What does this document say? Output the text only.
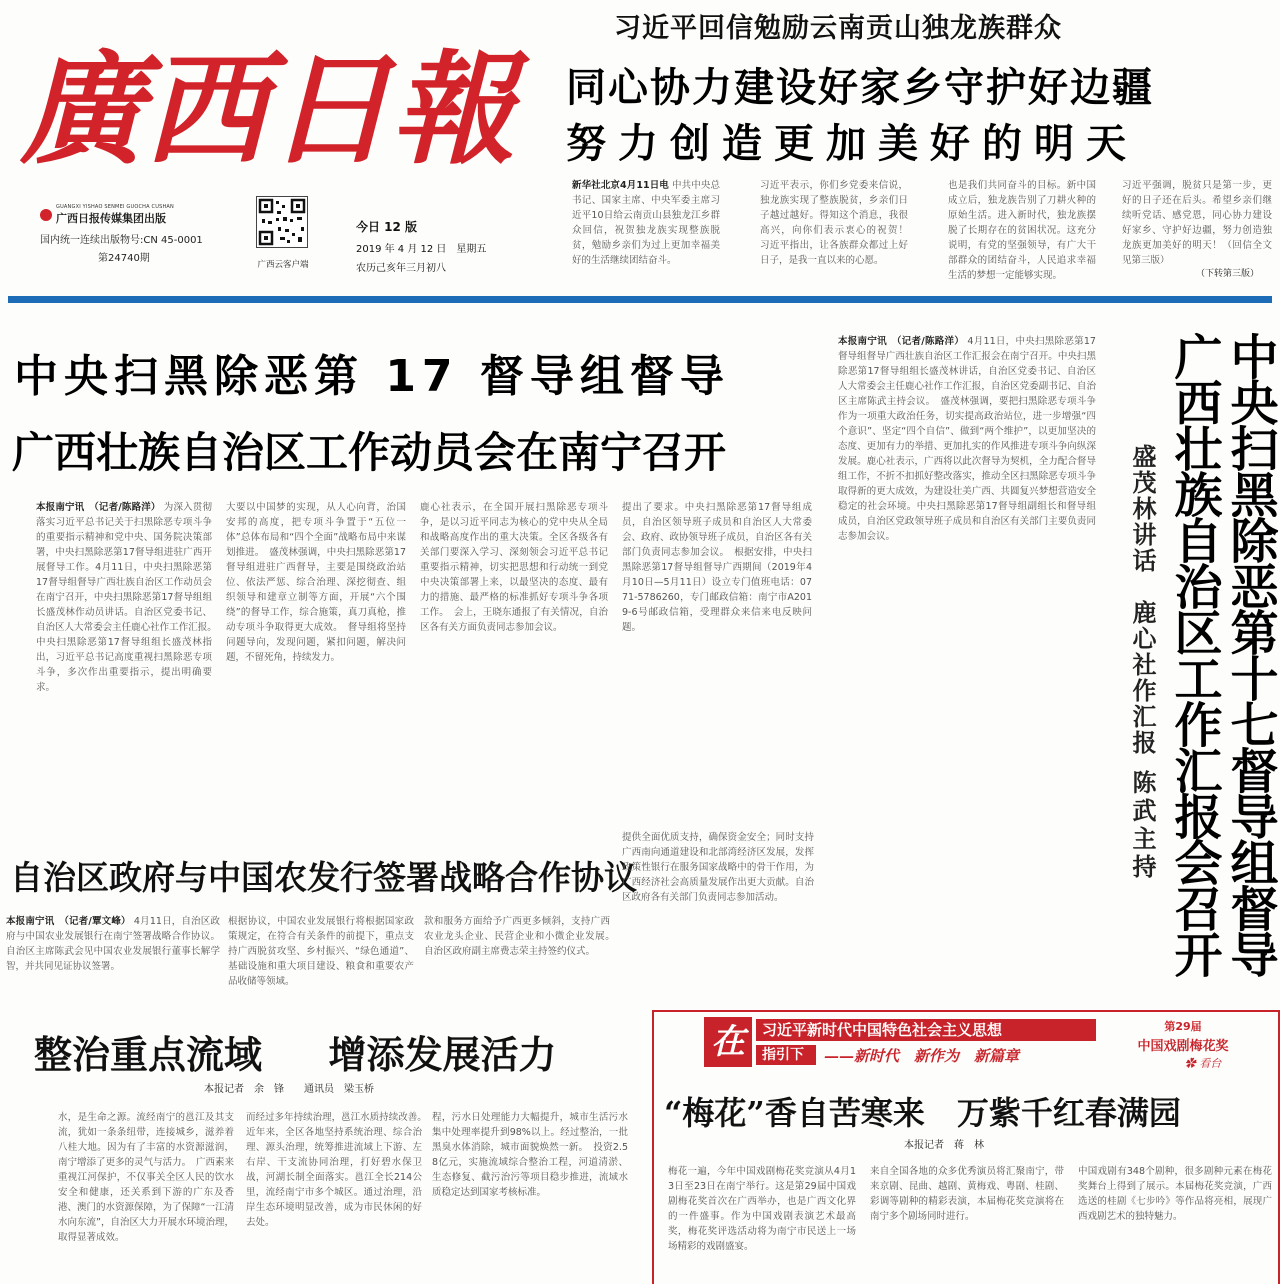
廣西日報
GUANGXI YISHAO SENMEI GUOCHA CUSHAN
广西日报传媒集团出版
国内统一连续出版物号:CN 45-0001
第24740期
广西云客户端
今日 12 版
2019 年 4 月 12 日　星期五
农历己亥年三月初八
习近平回信勉励云南贡山独龙族群众
同心协力建设好家乡守护好边疆
努力创造更加美好的明天
新华社北京4月11日电 中共中央总书记、国家主席、中央军委主席习近平10日给云南贡山县独龙江乡群众回信，祝贺独龙族实现整族脱贫，勉励乡亲们为过上更加幸福美好的生活继续团结奋斗。
习近平表示，你们乡党委来信说，独龙族实现了整族脱贫，乡亲们日子越过越好。得知这个消息，我很高兴，向你们表示衷心的祝贺！　习近平指出，让各族群众都过上好日子，是我一直以来的心愿。
也是我们共同奋斗的目标。新中国成立后，独龙族告别了刀耕火种的原始生活。进入新时代，独龙族摆脱了长期存在的贫困状况。这充分说明，有党的坚强领导，有广大干部群众的团结奋斗，人民追求幸福生活的梦想一定能够实现。
习近平强调，脱贫只是第一步，更好的日子还在后头。希望乡亲们继续听党话、感党恩，同心协力建设好家乡、守护好边疆，努力创造独龙族更加美好的明天！（回信全文见第三版）
（下转第三版）
中央扫黑除恶第 17 督导组督导
广西壮族自治区工作动员会在南宁召开
本报南宁讯　（记者/陈路洋） 为深入贯彻落实习近平总书记关于扫黑除恶专项斗争的重要指示精神和党中央、国务院决策部署，中央扫黑除恶第17督导组进驻广西开展督导工作。4月11日，中央扫黑除恶第17督导组督导广西壮族自治区工作动员会在南宁召开，中央扫黑除恶第17督导组组长盛茂林作动员讲话。自治区党委书记、自治区人大常委会主任鹿心社作工作汇报。　中央扫黑除恶第17督导组组长盛茂林指出，习近平总书记高度重视扫黑除恶专项斗争，多次作出重要指示，提出明确要求。
大要以中国梦的实现，从人心向背，治国安邦的高度，把专项斗争置于“五位一体”总体布局和“四个全面”战略布局中来谋划推进。　盛茂林强调，中央扫黑除恶第17督导组进驻广西督导，主要是围绕政治站位、依法严惩、综合治理、深挖彻查、组织领导和建章立制等方面，开展“六个围绕”的督导工作，综合施策，真刀真枪，推动专项斗争取得更大成效。　督导组将坚持问题导向，发现问题，紧扣问题，解决问题，不留死角，持续发力。
鹿心社表示，在全国开展扫黑除恶专项斗争，是以习近平同志为核心的党中央从全局和战略高度作出的重大决策。全区各级各有关部门要深入学习、深刻领会习近平总书记重要指示精神，切实把思想和行动统一到党中央决策部署上来，以最坚决的态度、最有力的措施、最严格的标准抓好专项斗争各项工作。　会上，王晓东通报了有关情况，自治区各有关方面负责同志参加会议。
提出了要求。中央扫黑除恶第17督导组成员，自治区领导班子成员和自治区人大常委会、政府、政协领导班子成员，自治区各有关部门负责同志参加会议。　根据安排，中央扫黑除恶第17督导组督导广西期间（2019年4月10日—5月11日）设立专门值班电话：0771-5786260，专门邮政信箱：南宁市A2019-6号邮政信箱，受理群众来信来电反映问题。
本报南宁讯　（记者/陈路洋） 4月11日，中央扫黑除恶第17督导组督导广西壮族自治区工作汇报会在南宁召开。中央扫黑除恶第17督导组组长盛茂林讲话，自治区党委书记、自治区人大常委会主任鹿心社作工作汇报，自治区党委副书记、自治区主席陈武主持会议。　盛茂林强调，要把扫黑除恶专项斗争作为一项重大政治任务，切实提高政治站位，进一步增强“四个意识”、坚定“四个自信”、做到“两个维护”，以更加坚决的态度、更加有力的举措、更加扎实的作风推进专项斗争向纵深发展。鹿心社表示，广西将以此次督导为契机，全力配合督导组工作，不折不扣抓好整改落实，推动全区扫黑除恶专项斗争取得新的更大成效，为建设壮美广西、共圆复兴梦想营造安全稳定的社会环境。中央扫黑除恶第17督导组副组长和督导组成员，自治区党政领导班子成员和自治区有关部门主要负责同志参加会议。	盛茂林讲话　鹿心社作汇报
陈武主持	中央扫黑除恶第十七督导组督导广西壮族自治区工作汇报会召开
自治区政府与中国农发行签署战略合作协议
本报南宁讯　（记者/覃文峰） 4月11日，自治区政府与中国农业发展银行在南宁签署战略合作协议。自治区主席陈武会见中国农业发展银行董事长解学智，并共同见证协议签署。
根据协议，中国农业发展银行将根据国家政策规定，在符合有关条件的前提下，重点支持广西脱贫攻坚、乡村振兴、“绿色通道”、基础设施和重大项目建设、粮食和重要农产品收储等领域。
款和服务方面给予广西更多倾斜，支持广西农业龙头企业、民营企业和小微企业发展。　自治区政府副主席费志荣主持签约仪式。
提供全面优质支持，确保资金安全；同时支持广西南向通道建设和北部湾经济区发展，发挥政策性银行在服务国家战略中的骨干作用，为广西经济社会高质量发展作出更大贡献。自治区政府各有关部门负责同志参加活动。
整治重点流域 增添发展活力
本报记者　余　锋　　通讯员　梁玉桥
水，是生命之源。流经南宁的邕江及其支流，犹如一条条纽带，连接城乡，滋养着八桂大地。因为有了丰富的水资源滋润，南宁增添了更多的灵气与活力。　广西素来重视江河保护，不仅事关全区人民的饮水安全和健康，还关系到下游的广东及香港、澳门的水资源保障，为了保障“一江清水向东流”，自治区大力开展水环境治理，取得显著成效。
而经过多年持续治理，邕江水质持续改善。　近年来，全区各地坚持系统治理、综合治理、源头治理，统筹推进流域上下游、左右岸、干支流协同治理，打好碧水保卫战，河湖长制全面落实。邕江全长214公里，流经南宁市多个城区。通过治理，沿岸生态环境明显改善，成为市民休闲的好去处。
程，污水日处理能力大幅提升，城市生活污水集中处理率提升到98%以上。经过整治，一批黑臭水体消除，城市面貌焕然一新。　投资2.58亿元，实施流域综合整治工程，河道清淤、生态修复、截污治污等项目稳步推进，流域水质稳定达到国家考核标准。
在	习近平新时代中国特色社会主义思想
指引下	——新时代　新作为　新篇章
第29届
中国戏剧梅花奖
✿ 看台
“梅花”香自苦寒来　万紫千红春满园
本报记者　蒋　林
梅花一遍，今年中国戏剧梅花奖竞演从4月13日至23日在南宁举行。这是第29届中国戏剧梅花奖首次在广西举办，也是广西文化界的一件盛事。作为中国戏剧表演艺术最高奖，梅花奖评选活动将为南宁市民送上一场场精彩的戏剧盛宴。
来自全国各地的众多优秀演员将汇聚南宁，带来京剧、昆曲、越剧、黄梅戏、粤剧、桂剧、彩调等剧种的精彩表演，本届梅花奖竞演将在南宁多个剧场同时进行。
中国戏剧有348个剧种，很多剧种元素在梅花奖舞台上得到了展示。本届梅花奖竞演，广西选送的桂剧《七步吟》等作品将亮相，展现广西戏剧艺术的独特魅力。
